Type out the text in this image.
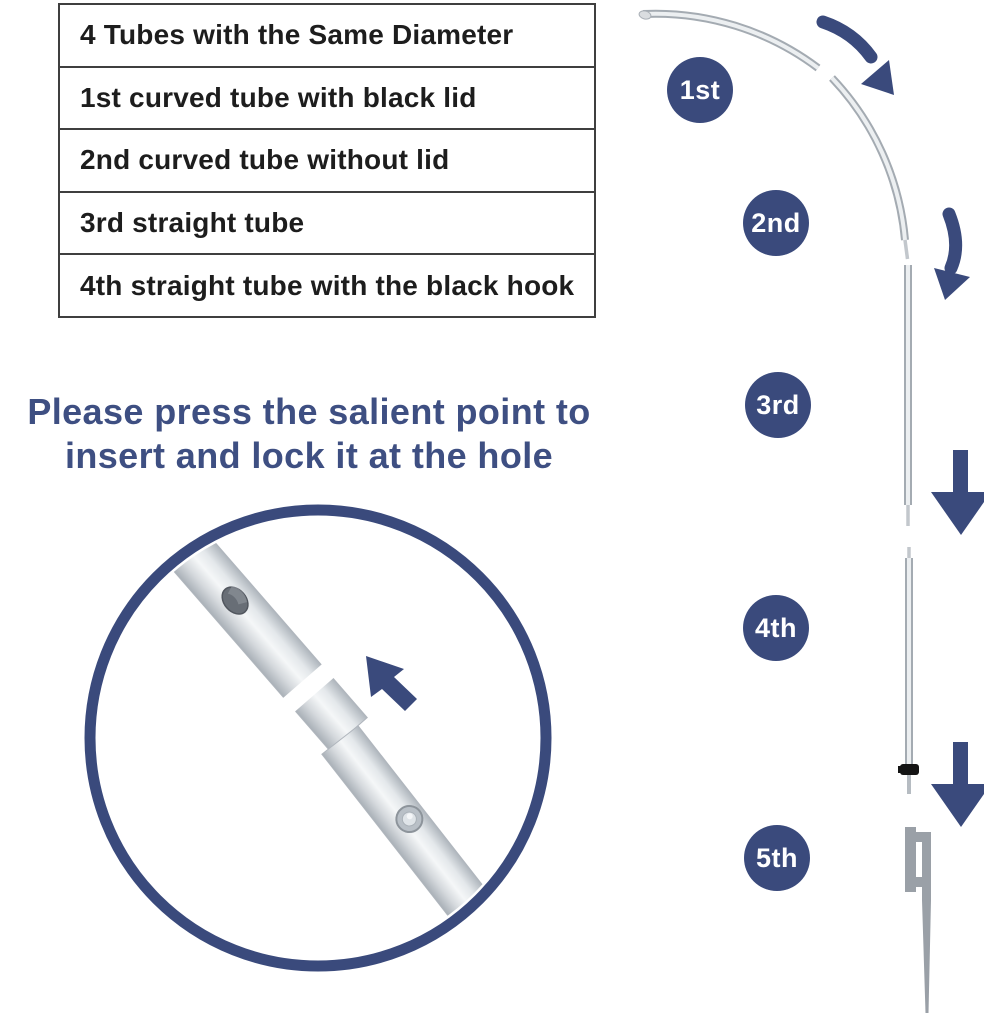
4 Tubes with the Same Diameter
1st curved tube with black lid
2nd curved tube without lid
3rd straight tube
4th straight tube with the black hook
Please press the salient point to
insert and lock it at the hole
1st
2nd
3rd
4th
5th
